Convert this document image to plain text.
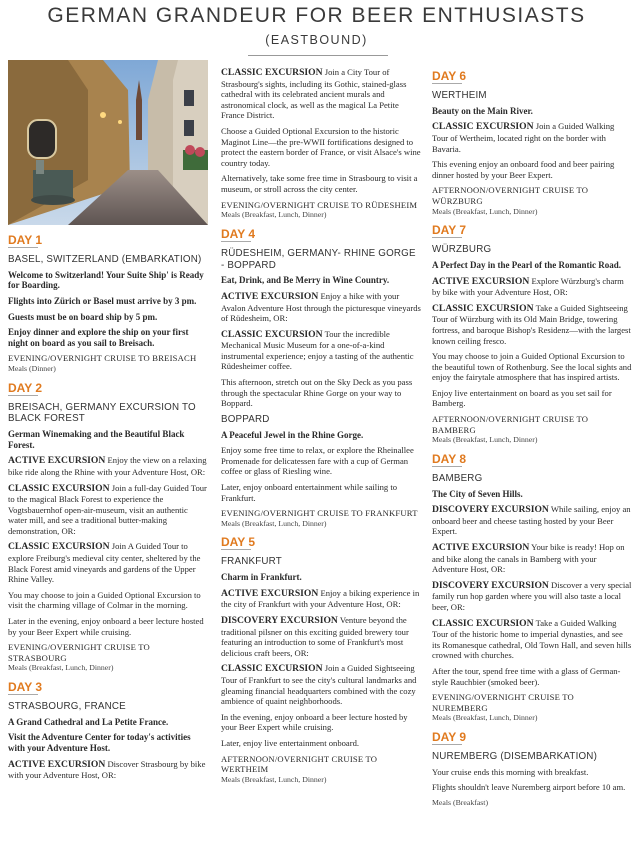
GERMAN GRANDEUR FOR BEER ENTHUSIASTS
(EASTBOUND)
DAY 1
BASEL, SWITZERLAND (EMBARKATION)

Welcome to Switzerland! Your Suite Ship' is Ready for Boarding.

Flights into Zürich or Basel must arrive by 3 pm.

Guests must be on board ship by 5 pm.

Enjoy dinner and explore the ship on your first night on board as you sail to Breisach.

EVENING/OVERNIGHT CRUISE TO BREISACH
Meals (Dinner)
DAY 2
BREISACH, GERMANY EXCURSION TO BLACK FOREST

German Winemaking and the Beautiful Black Forest.

ACTIVE EXCURSION Enjoy the view on a relaxing bike ride along the Rhine with your Adventure Host, OR:

CLASSIC EXCURSION Join a full-day Guided Tour to the magical Black Forest to experience the Vogtsbauernhof open-air-museum, visit an authentic water mill, and see a traditional butter-making demonstration, OR:

CLASSIC EXCURSION Join A Guided Tour to explore Freiburg's medieval city center, sheltered by the Black Forest amid vineyards and gardens of the Upper Rhine Valley.

You may choose to join a Guided Optional Excursion to visit the charming village of Colmar in the morning.

Later in the evening, enjoy onboard a beer lecture hosted by your Beer Expert while cruising.

EVENING/OVERNIGHT CRUISE TO STRASBOURG
Meals (Breakfast, Lunch, Dinner)
DAY 3
STRASBOURG, FRANCE

A Grand Cathedral and La Petite France.

Visit the Adventure Center for today's activities with your Adventure Host.

ACTIVE EXCURSION Discover Strasbourg by bike with your Adventure Host, OR:

CLASSIC EXCURSION Join a City Tour of Strasbourg's sights, including its Gothic, stained-glass cathedral with its celebrated ancient murals and astronomical clock, as well as the magical La Petite France District.

Choose a Guided Optional Excursion to the historic Maginot Line—the pre-WWII fortifications designed to protect the eastern border of France, or visit Alsace's wine country today.

Alternatively, take some free time in Strasbourg to visit a museum, or stroll across the city center.

EVENING/OVERNIGHT CRUISE TO RÜDESHEIM
Meals (Breakfast, Lunch, Dinner)
DAY 4
RÜDESHEIM, GERMANY- RHINE GORGE - BOPPARD

Eat, Drink, and Be Merry in Wine Country.

ACTIVE EXCURSION Enjoy a hike with your Avalon Adventure Host through the picturesque vineyards of Rüdesheim, OR:

CLASSIC EXCURSION Tour the incredible Mechanical Music Museum for a one-of-a-kind instrumental experience; enjoy a tasting of the authentic Rüdesheimer coffee.

This afternoon, stretch out on the Sky Deck as you pass through the spectacular Rhine Gorge on your way to Boppard.

BOPPARD

A Peaceful Jewel in the Rhine Gorge.

Enjoy some free time to relax, or explore the Rheinallee Promenade for delicatessen fare with a cup of German coffee or glass of Riesling wine.

Later, enjoy onboard entertainment while sailing to Frankfurt.

EVENING/OVERNIGHT CRUISE TO FRANKFURT
Meals (Breakfast, Lunch, Dinner)
DAY 5
FRANKFURT

Charm in Frankfurt.

ACTIVE EXCURSION Enjoy a biking experience in the city of Frankfurt with your Adventure Host, OR:

DISCOVERY EXCURSION Venture beyond the traditional pilsner on this exciting guided brewery tour featuring an introduction to some of Frankfurt's most delicious craft beers, OR:

CLASSIC EXCURSION Join a Guided Sightseeing Tour of Frankfurt to see the city's cultural landmarks and gleaming financial headquarters combined with the cozy ambience of quaint neighborhoods.

In the evening, enjoy onboard a beer lecture hosted by your Beer Expert while cruising.

Later, enjoy live entertainment onboard.

AFTERNOON/OVERNIGHT CRUISE TO WERTHEIM
Meals (Breakfast, Lunch, Dinner)
DAY 6
WERTHEIM

Beauty on the Main River.

CLASSIC EXCURSION Join a Guided Walking Tour of Wertheim, located right on the border with Bavaria.

This evening enjoy an onboard food and beer pairing dinner hosted by your Beer Expert.

AFTERNOON/OVERNIGHT CRUISE TO WÜRZBURG
Meals (Breakfast, Lunch, Dinner)
DAY 7
WÜRZBURG

A Perfect Day in the Pearl of the Romantic Road.

ACTIVE EXCURSION Explore Würzburg's charm by bike with your Adventure Host, OR:

CLASSIC EXCURSION Take a Guided Sightseeing Tour of Würzburg with its Old Main Bridge, towering fortress, and baroque Bishop's Residenz—with the largest known ceiling fresco.

You may choose to join a Guided Optional Excursion to the beautiful town of Rothenburg. See the local sights and enjoy the fairytale atmosphere that has inspired artists.

Enjoy live entertainment on board as you set sail for Bamberg.

AFTERNOON/OVERNIGHT CRUISE TO BAMBERG
Meals (Breakfast, Lunch, Dinner)
DAY 8
BAMBERG

The City of Seven Hills.

DISCOVERY EXCURSION While sailing, enjoy an onboard beer and cheese tasting hosted by your Beer Expert.

ACTIVE EXCURSION Your bike is ready! Hop on and bike along the canals in Bamberg with your Adventure Host, OR:

DISCOVERY EXCURSION Discover a very special family run hop garden where you will also taste a local beer, OR:

CLASSIC EXCURSION Take a Guided Walking Tour of the historic home to imperial dynasties, and see its Romanesque cathedral, Old Town Hall, and seven hills crowned with churches.

After the tour, spend free time with a glass of German-style Rauchbier (smoked beer).

EVENING/OVERNIGHT CRUISE TO NUREMBERG
Meals (Breakfast, Lunch, Dinner)
DAY 9
NUREMBERG (DISEMBARKATION)

Your cruise ends this morning with breakfast.

Flights shouldn't leave Nuremberg airport before 10 am.

Meals (Breakfast)
